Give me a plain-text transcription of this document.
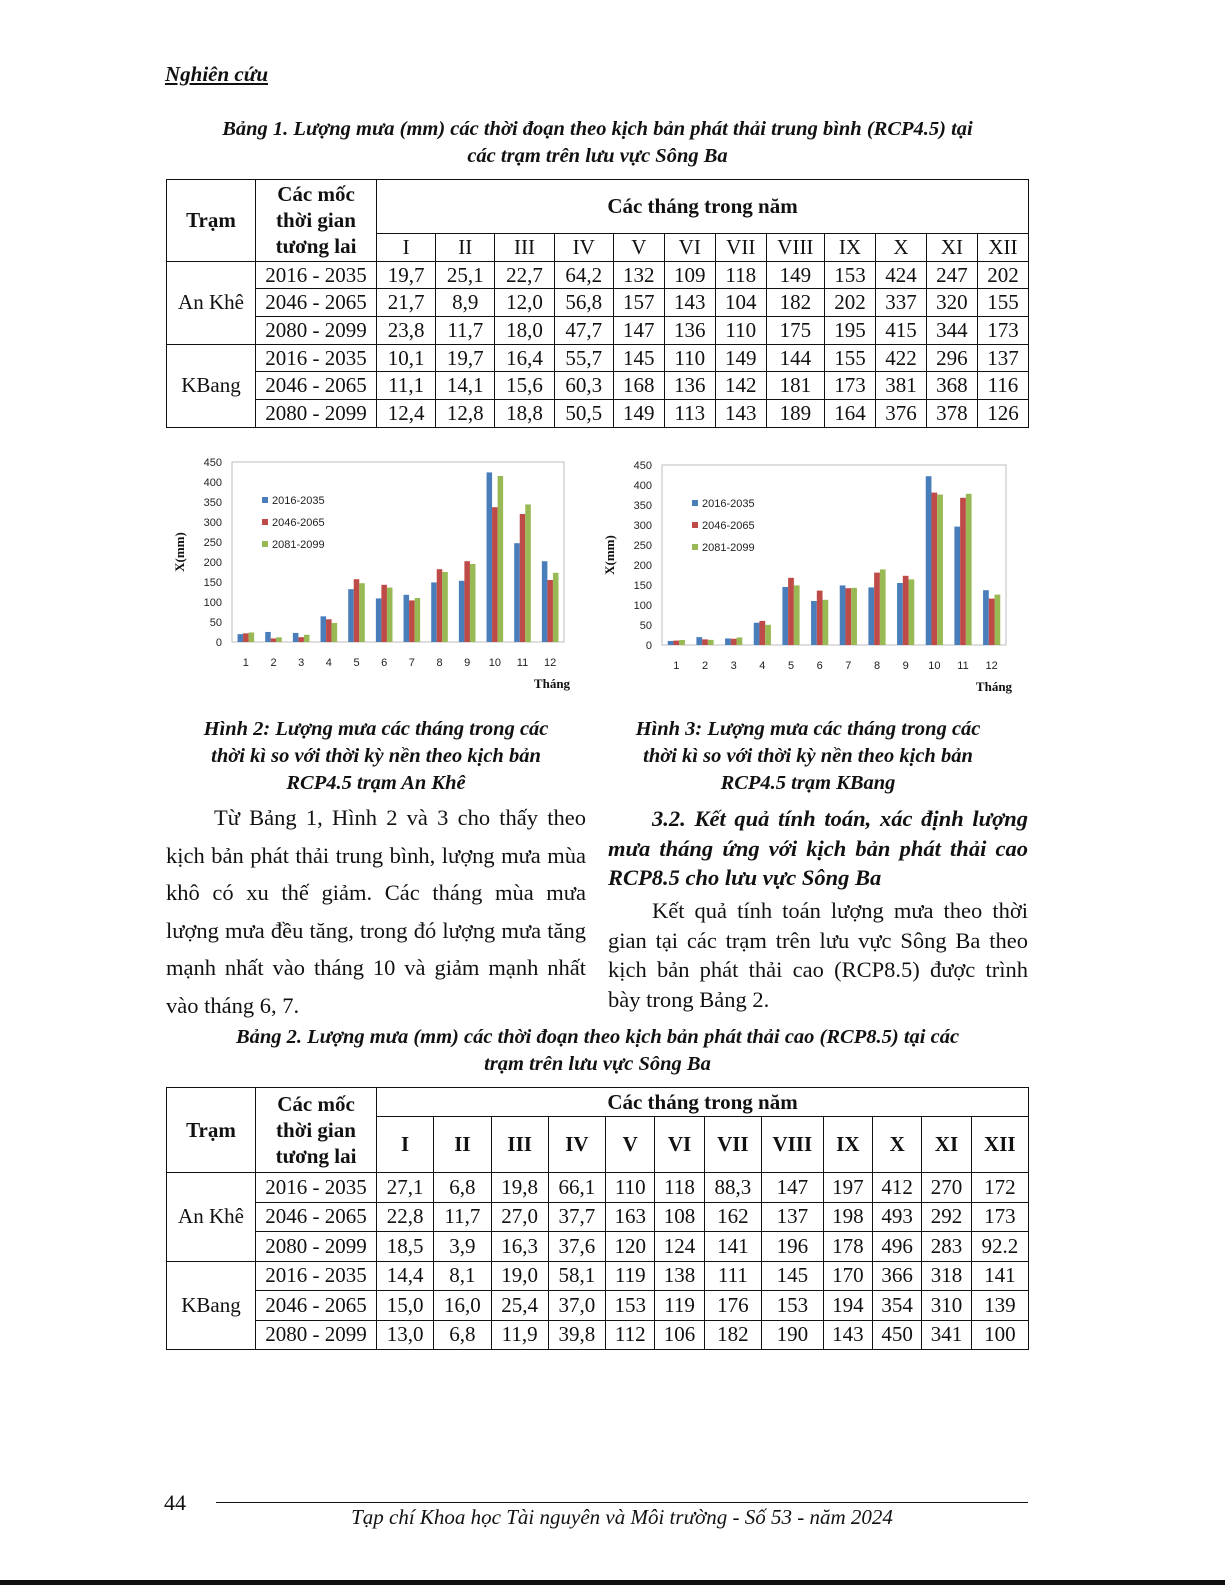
Nghiên cứu
Bảng 1. Lượng mưa (mm) các thời đoạn theo kịch bản phát thải trung bình (RCP4.5) tại
các trạm trên lưu vực Sông Ba
Trạm	Các mốc
thời gian
tương lai	Các tháng trong năm											
		I	II	III	IV	V	VI	VII	VIII	IX	X	XI	XII
An Khê	2016 - 2035	19,7	25,1	22,7	64,2	132	109	118	149	153	424	247	202
	2046 - 2065	21,7	8,9	12,0	56,8	157	143	104	182	202	337	320	155
	2080 - 2099	23,8	11,7	18,0	47,7	147	136	110	175	195	415	344	173
KBang	2016 - 2035	10,1	19,7	16,4	55,7	145	110	149	144	155	422	296	137
	2046 - 2065	11,1	14,1	15,6	60,3	168	136	142	181	173	381	368	116
	2080 - 2099	12,4	12,8	18,8	50,5	149	113	143	189	164	376	378	126
0
50
100
150
200
250
300
350
400
450
X(mm)
1 2 3 4 5 6 7 8 9 10 11 12
Tháng
2016-2035
2046-2065
2081-2099
0
50
100
150
200
250
300
350
400
450
X(mm)
1 2 3 4 5 6 7 8 9 10 11 12
Tháng
2016-2035
2046-2065
2081-2099
Hình 2: Lượng mưa các tháng trong các
thời kì so với thời kỳ nền theo kịch bản
RCP4.5 trạm An Khê
Hình 3: Lượng mưa các tháng trong các
thời kì so với thời kỳ nền theo kịch bản
RCP4.5 trạm KBang
Từ Bảng 1, Hình 2 và 3 cho thấy theo kịch bản phát thải trung bình, lượng mưa mùa khô có xu thế giảm. Các tháng mùa mưa lượng mưa đều tăng, trong đó lượng mưa tăng mạnh nhất vào tháng 10 và giảm mạnh nhất vào tháng 6, 7.
3.2. Kết quả tính toán, xác định lượng mưa tháng ứng với kịch bản phát thải cao RCP8.5 cho lưu vực Sông Ba
Kết quả tính toán lượng mưa theo thời gian tại các trạm trên lưu vực Sông Ba theo kịch bản phát thải cao (RCP8.5) được trình bày trong Bảng 2.
Bảng 2. Lượng mưa (mm) các thời đoạn theo kịch bản phát thải cao (RCP8.5) tại các
trạm trên lưu vực Sông Ba
Trạm	Các mốc
thời gian
tương lai	Các tháng trong năm											
		I	II	III	IV	V	VI	VII	VIII	IX	X	XI	XII
An Khê	2016 - 2035	27,1	6,8	19,8	66,1	110	118	88,3	147	197	412	270	172
	2046 - 2065	22,8	11,7	27,0	37,7	163	108	162	137	198	493	292	173
	2080 - 2099	18,5	3,9	16,3	37,6	120	124	141	196	178	496	283	92.2
KBang	2016 - 2035	14,4	8,1	19,0	58,1	119	138	111	145	170	366	318	141
	2046 - 2065	15,0	16,0	25,4	37,0	153	119	176	153	194	354	310	139
	2080 - 2099	13,0	6,8	11,9	39,8	112	106	182	190	143	450	341	100
44
Tạp chí Khoa học Tài nguyên và Môi trường - Số 53 - năm 2024
